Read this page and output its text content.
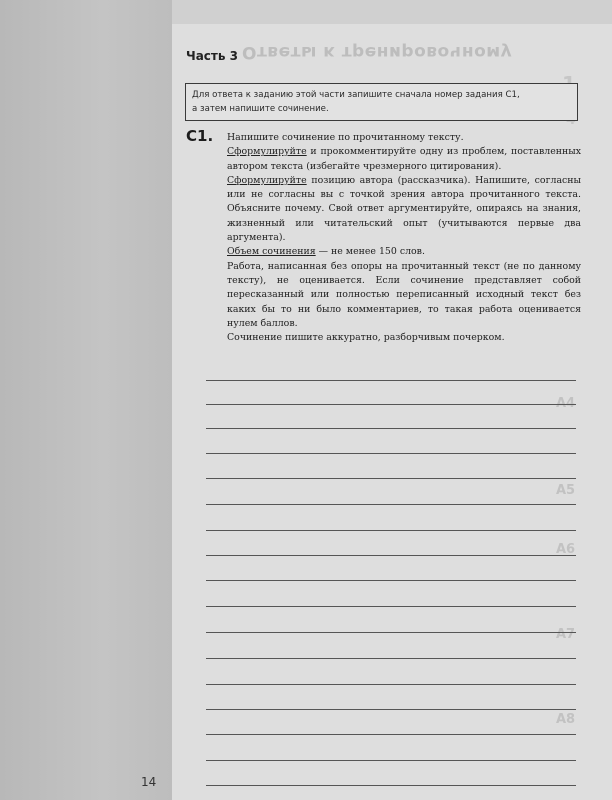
Ответы к тренировочному
Часть 3
Для ответа к заданию этой части запишите сначала номер задания С1,
а затем напишите сочинение.
C1. Напишите сочинение по прочитанному тексту.

Сформулируйте и прокомментируйте одну из проблем, поставленных автором текста (избегайте чрезмерного цитирования).

Сформулируйте позицию автора (рассказчика). Напишите, согласны или не согласны вы с точкой зрения автора прочитанного текста. Объясните почему. Свой ответ аргументируйте, опираясь на знания, жизненный или читательский опыт (учитываются первые два аргумента).

Объем сочинения — не менее 150 слов.

Работа, написанная без опоры на прочитанный текст (не по данному тексту), не оценивается. Если сочинение представляет собой пересказанный или полностью переписанный исходный текст без каких бы то ни было комментариев, то такая работа оценивается нулем баллов.

Сочинение пишите аккуратно, разборчивым почерком.

A4
A5
A6
A7
A8
14
